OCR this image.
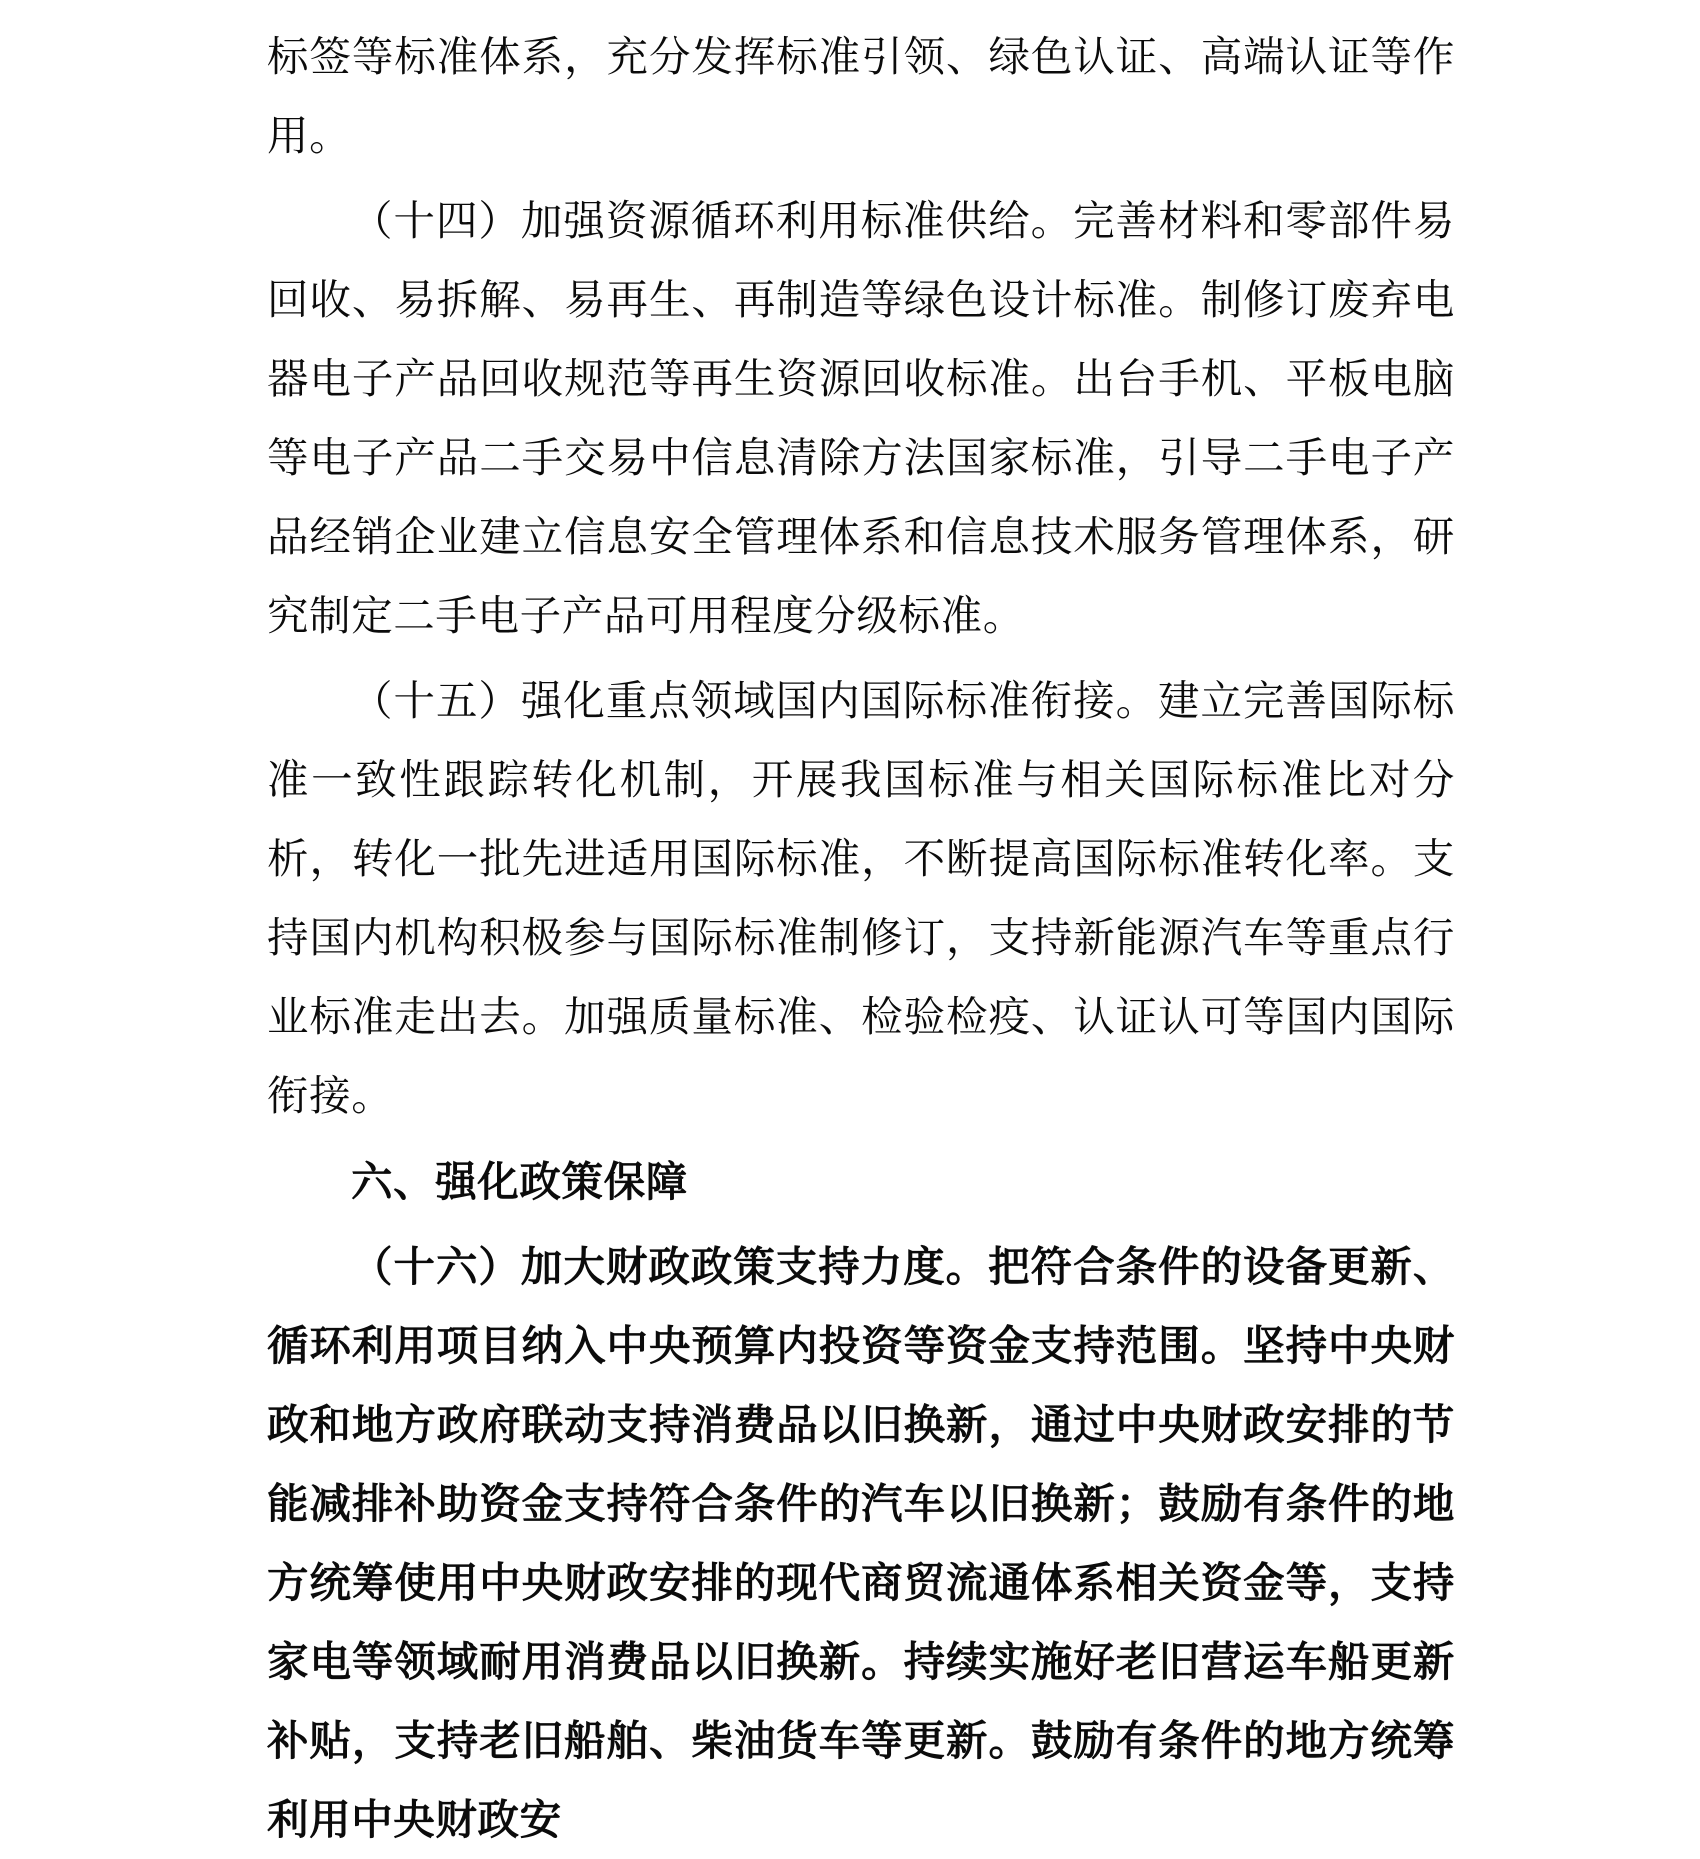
标签等标准体系，充分发挥标准引领、绿色认证、高端认证等作用。

（十四）加强资源循环利用标准供给。完善材料和零部件易回收、易拆解、易再生、再制造等绿色设计标准。制修订废弃电器电子产品回收规范等再生资源回收标准。出台手机、平板电脑等电子产品二手交易中信息清除方法国家标准，引导二手电子产品经销企业建立信息安全管理体系和信息技术服务管理体系，研究制定二手电子产品可用程度分级标准。

（十五）强化重点领域国内国际标准衔接。建立完善国际标准一致性跟踪转化机制，开展我国标准与相关国际标准比对分析，转化一批先进适用国际标准，不断提高国际标准转化率。支持国内机构积极参与国际标准制修订，支持新能源汽车等重点行业标准走出去。加强质量标准、检验检疫、认证认可等国内国际衔接。

六、强化政策保障

（十六）加大财政政策支持力度。把符合条件的设备更新、循环利用项目纳入中央预算内投资等资金支持范围。坚持中央财政和地方政府联动支持消费品以旧换新，通过中央财政安排的节能减排补助资金支持符合条件的汽车以旧换新；鼓励有条件的地方统筹使用中央财政安排的现代商贸流通体系相关资金等，支持家电等领域耐用消费品以旧换新。持续实施好老旧营运车船更新补贴，支持老旧船舶、柴油货车等更新。鼓励有条件的地方统筹利用中央财政安
